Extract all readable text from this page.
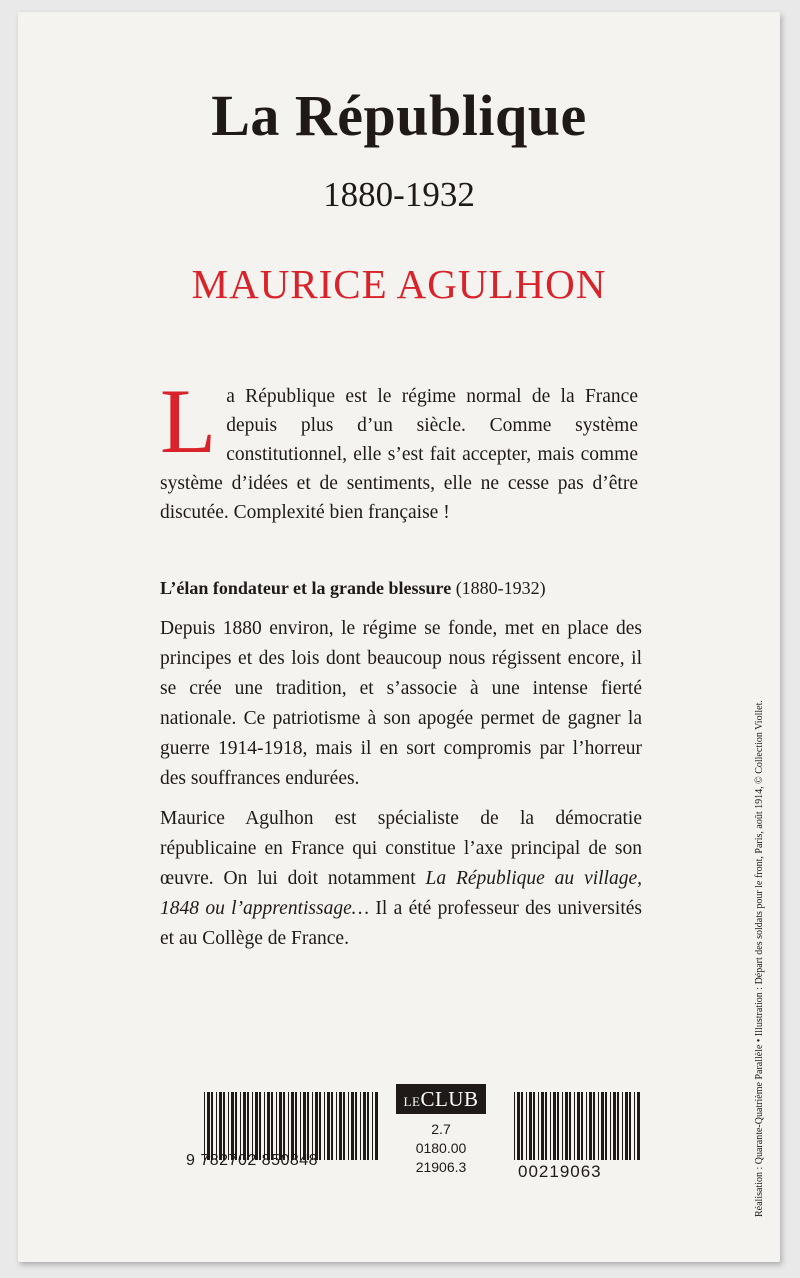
La République
1880-1932
MAURICE AGULHON
L a République est le régime normal de la France depuis plus d’un siècle. Comme système constitutionnel, elle s’est fait accepter, mais comme système d’idées et de sentiments, elle ne cesse pas d’être discutée. Complexité bien française !
L’élan fondateur et la grande blessure (1880-1932)
Depuis 1880 environ, le régime se fonde, met en place des principes et des lois dont beaucoup nous régissent encore, il se crée une tradition, et s’associe à une intense fierté nationale. Ce patriotisme à son apogée permet de gagner la guerre 1914-1918, mais il en sort compromis par l’horreur des souffrances endurées.
Maurice Agulhon est spécialiste de la démocratie républicaine en France qui constitue l’axe principal de son œuvre. On lui doit notamment La République au village, 1848 ou l’apprentissage… Il a été professeur des universités et au Collège de France.	Réalisation : Quarante-Quatrième Parallèle • Illustration : Départ des soldats pour le front, Paris, août 1914, © Collection Viollet.
9 782702 850848
LECLUB
2.7
0180.00
21906.3	00219063
